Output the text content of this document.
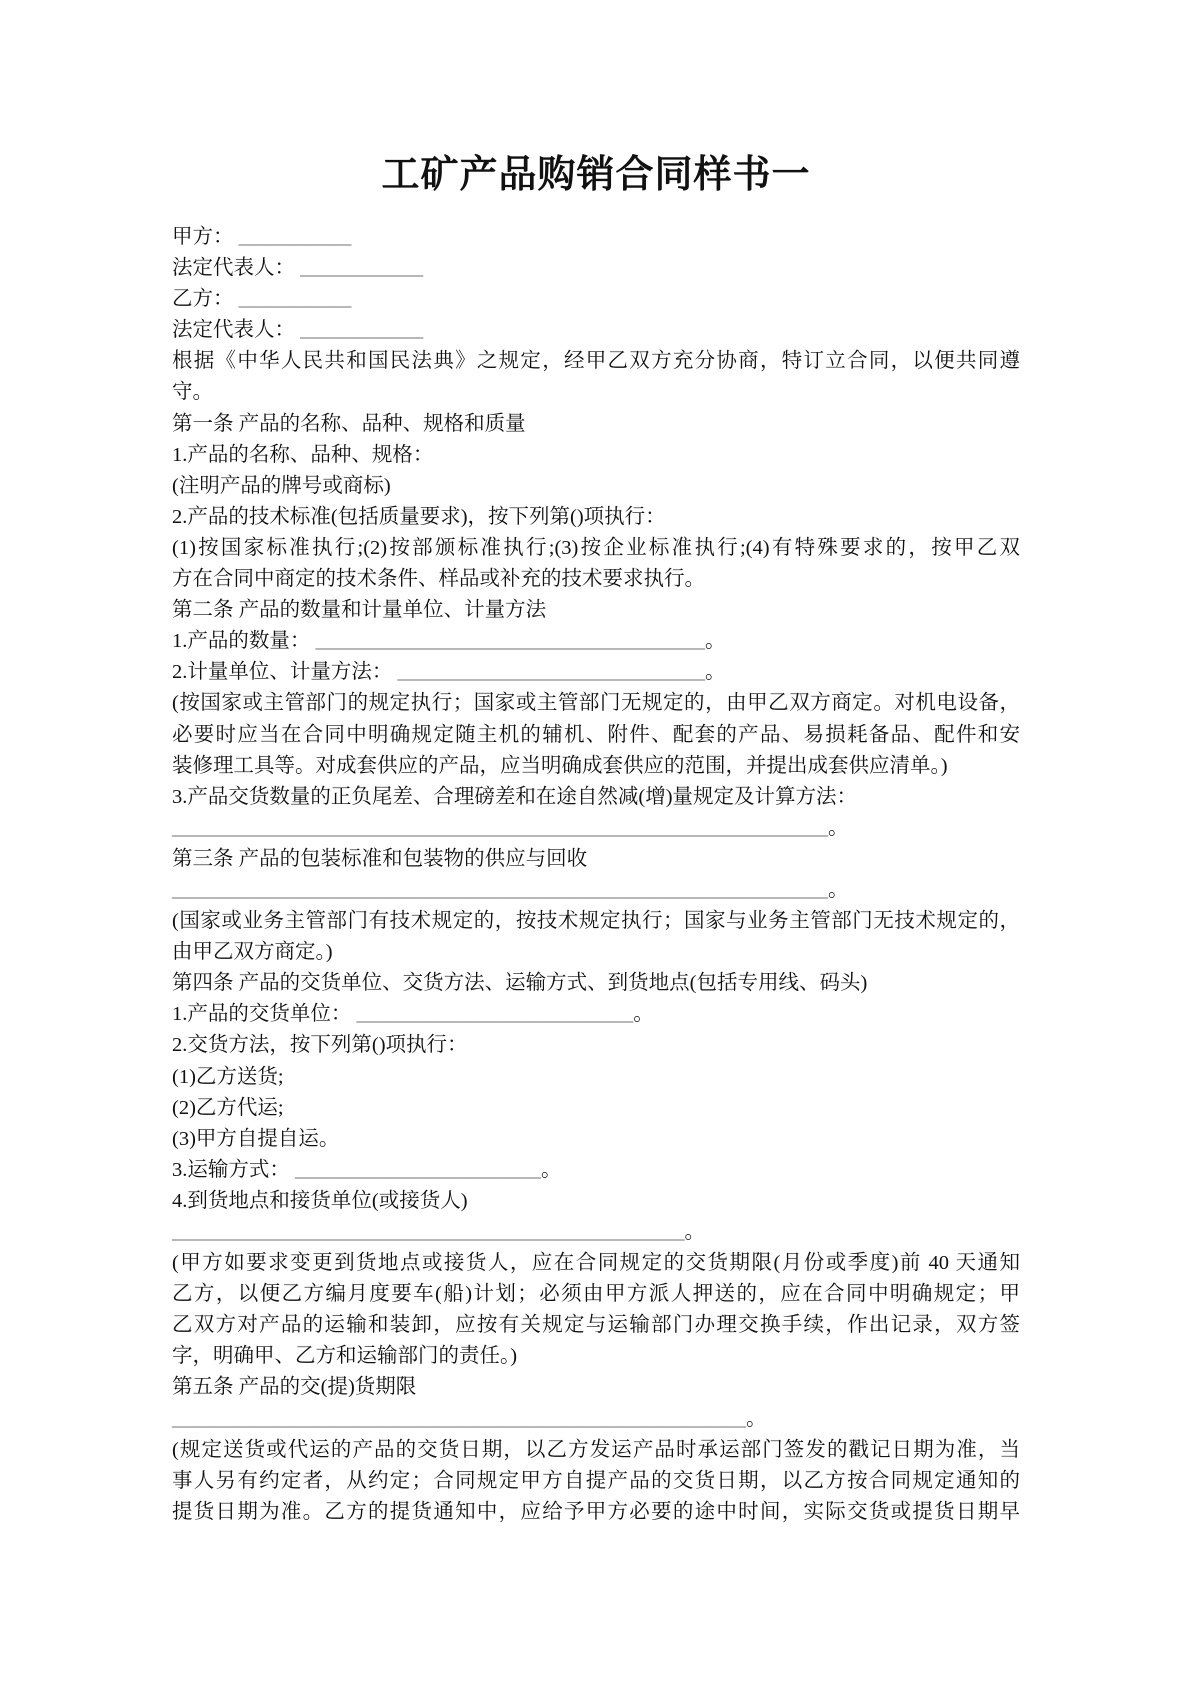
工矿产品购销合同样书一
甲方： ___________
法定代表人： ____________
乙方： ___________
法定代表人： ____________
根据《中华人民共和国民法典》之规定，经甲乙双方充分协商，特订立合同，以便共同遵
守。
第一条 产品的名称、品种、规格和质量
1.产品的名称、品种、规格：
(注明产品的牌号或商标)
2.产品的技术标准(包括质量要求)，按下列第()项执行：
(1)按国家标准执行;(2)按部颁标准执行;(3)按企业标准执行;(4)有特殊要求的，按甲乙双
方在合同中商定的技术条件、样品或补充的技术要求执行。
第二条 产品的数量和计量单位、计量方法
1.产品的数量： ______________________________________。
2.计量单位、计量方法： ______________________________。
(按国家或主管部门的规定执行；国家或主管部门无规定的，由甲乙双方商定。对机电设备，
必要时应当在合同中明确规定随主机的辅机、附件、配套的产品、易损耗备品、配件和安
装修理工具等。对成套供应的产品，应当明确成套供应的范围，并提出成套供应清单。)
3.产品交货数量的正负尾差、合理磅差和在途自然减(增)量规定及计算方法：
________________________________________________________________。
第三条 产品的包装标准和包装物的供应与回收
________________________________________________________________。
(国家或业务主管部门有技术规定的，按技术规定执行；国家与业务主管部门无技术规定的，
由甲乙双方商定。)
第四条 产品的交货单位、交货方法、运输方式、到货地点(包括专用线、码头)
1.产品的交货单位： ___________________________。
2.交货方法，按下列第()项执行：
(1)乙方送货;
(2)乙方代运;
(3)甲方自提自运。
3.运输方式： ________________________。
4.到货地点和接货单位(或接货人)
__________________________________________________。
(甲方如要求变更到货地点或接货人，应在合同规定的交货期限(月份或季度)前 40 天通知
乙方，以便乙方编月度要车(船)计划；必须由甲方派人押送的，应在合同中明确规定；甲
乙双方对产品的运输和装卸，应按有关规定与运输部门办理交换手续，作出记录，双方签
字，明确甲、乙方和运输部门的责任。)
第五条 产品的交(提)货期限
________________________________________________________。
(规定送货或代运的产品的交货日期，以乙方发运产品时承运部门签发的戳记日期为准，当
事人另有约定者，从约定；合同规定甲方自提产品的交货日期，以乙方按合同规定通知的
提货日期为准。乙方的提货通知中，应给予甲方必要的途中时间，实际交货或提货日期早
